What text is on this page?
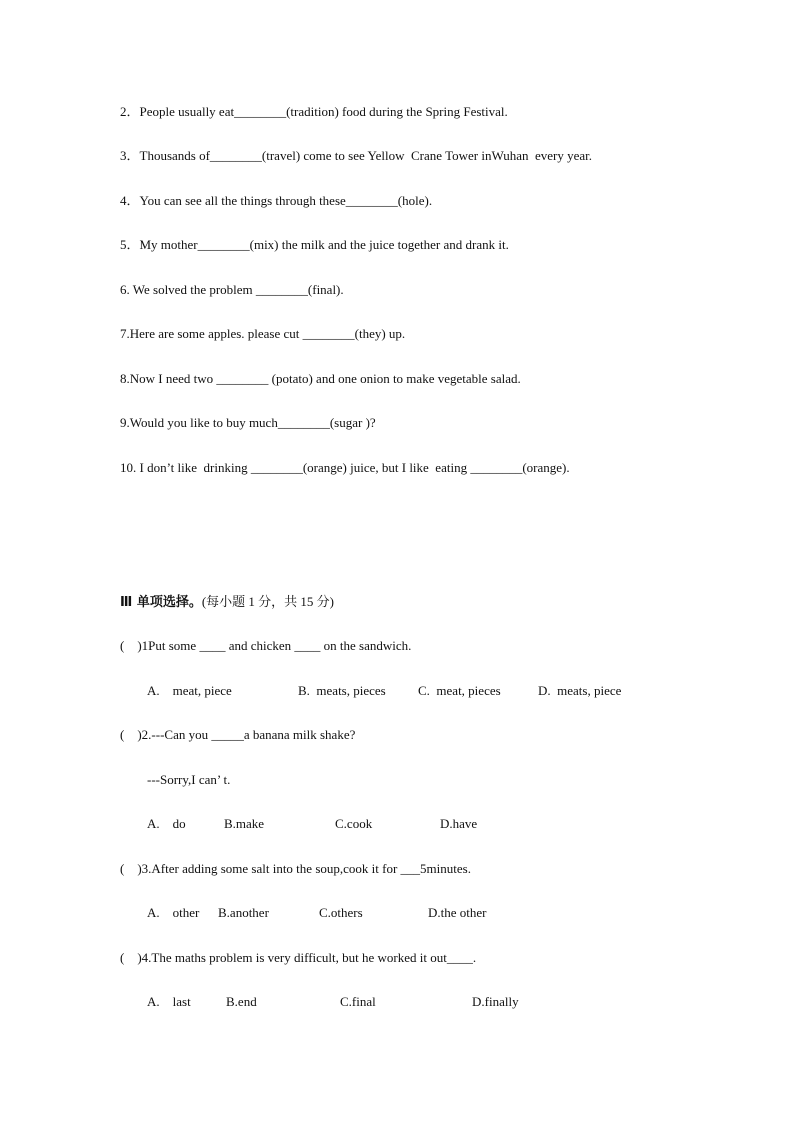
2．People usually eat________(tradition) food during the Spring Festival.
3．Thousands of________(travel) come to see Yellow  Crane Tower inWuhan  every year.
4．You can see all the things through these________(hole).
5．My mother________(mix) the milk and the juice together and drank it.
6. We solved the problem ________(final).
7.Here are some apples. please cut ________(they) up.
8.Now I need two ________ (potato) and one onion to make vegetable salad.
9.Would you like to buy much________(sugar )?
10. I don’t like  drinking ________(orange) juice, but I like  eating ________(orange).
Ⅲ 单项选择。(每小题 1 分，共 15 分)
(    )1Put some ____ and chicken ____ on the sandwich.
A.    meat, piece	B.  meats, pieces C.  meat, pieces	D.  meats, piece
(    )2.---Can you _____a banana milk shake?
---Sorry,I can’ t.
A.    do	B.make	C.cook	D.have
(    )3.After adding some salt into the soup,cook it for ___5minutes.
A.    other B.another	C.others	D.the other
(    )4.The maths problem is very difficult, but he worked it out____.
A.    last	B.end	C.final	D.finally
